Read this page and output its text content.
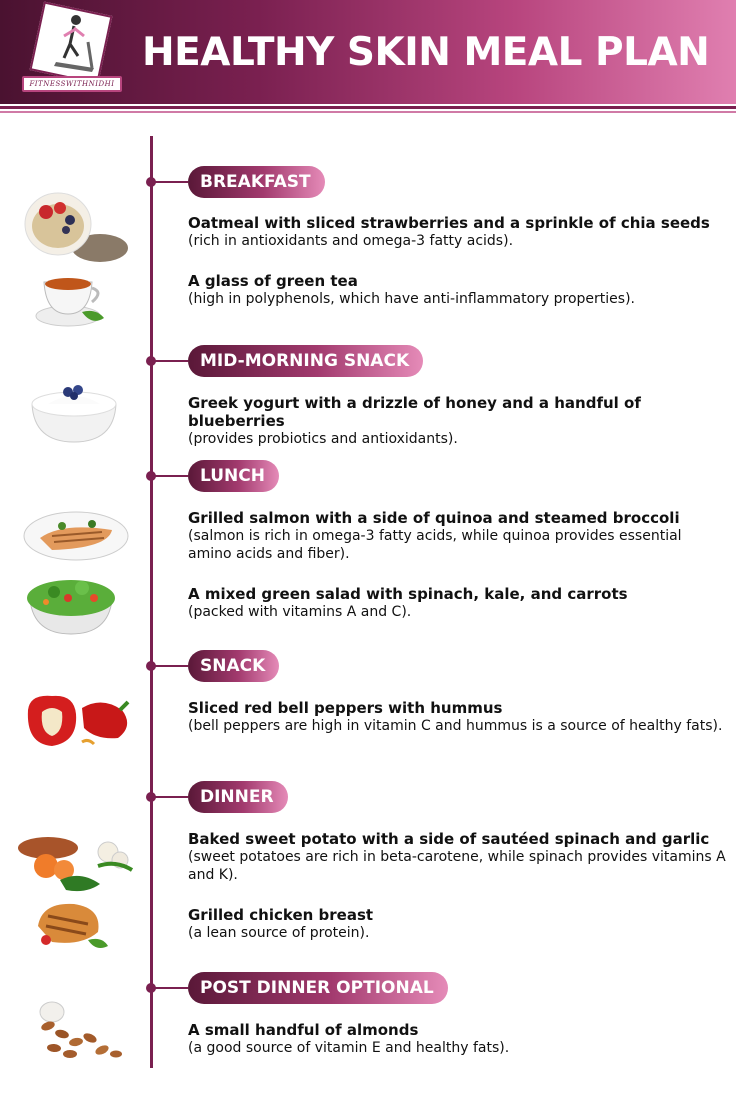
FITNESSWITHNIDHI
HEALTHY SKIN MEAL PLAN
BREAKFAST
Oatmeal with sliced strawberries and a sprinkle of chia seeds
(rich in antioxidants and omega-3 fatty acids).
A glass of green tea
(high in polyphenols, which have anti-inflammatory properties).
MID-MORNING SNACK
Greek yogurt with a drizzle of honey and a handful of blueberries
(provides probiotics and antioxidants).
LUNCH
Grilled salmon with a side of quinoa and steamed broccoli
(salmon is rich in omega-3 fatty acids, while quinoa provides essential amino acids and fiber).
A mixed green salad with spinach, kale, and carrots
(packed with vitamins A and C).
SNACK
Sliced red bell peppers with hummus
(bell peppers are high in vitamin C and hummus is a source of healthy fats).
DINNER
Baked sweet potato with a side of sautéed spinach and garlic
(sweet potatoes are rich in beta-carotene, while spinach provides vitamins A and K).
Grilled chicken breast
(a lean source of protein).
POST DINNER OPTIONAL
A small handful of almonds
(a good source of vitamin E and healthy fats).
